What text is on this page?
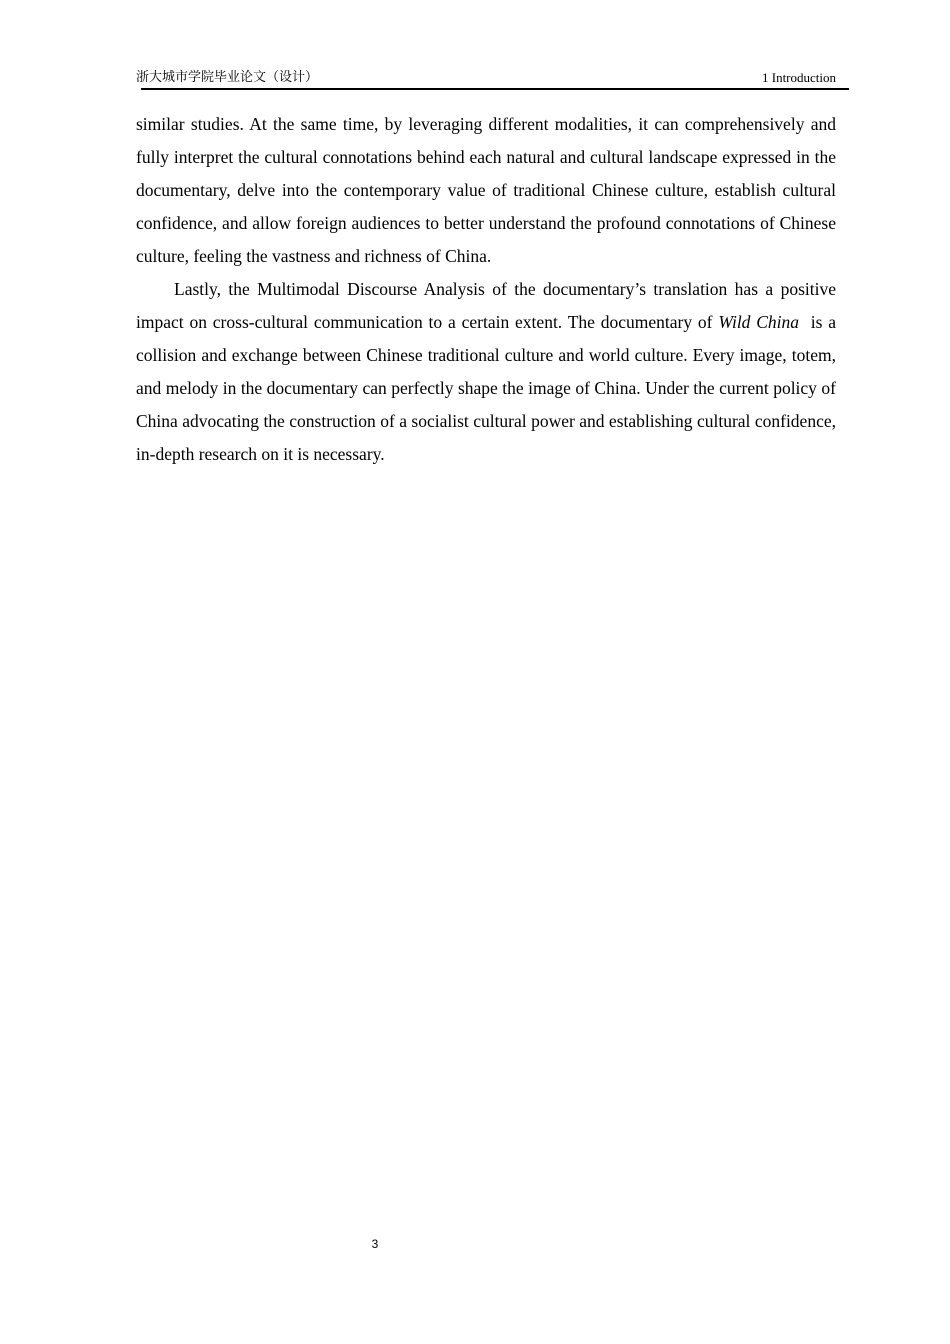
浙大城市学院毕业论文（设计）	1 Introduction

similar studies. At the same time, by leveraging different modalities, it can comprehensively and fully interpret the cultural connotations behind each natural and cultural landscape expressed in the documentary, delve into the contemporary value of traditional Chinese culture, establish cultural confidence, and allow foreign audiences to better understand the profound connotations of Chinese culture, feeling the vastness and richness of China.

Lastly, the Multimodal Discourse Analysis of the documentary’s translation has a positive impact on cross-cultural communication to a certain extent. The documentary of Wild China  is a collision and exchange between Chinese traditional culture and world culture. Every image, totem, and melody in the documentary can perfectly shape the image of China. Under the current policy of China advocating the construction of a socialist cultural power and establishing cultural confidence, in-depth research on it is necessary.

3
